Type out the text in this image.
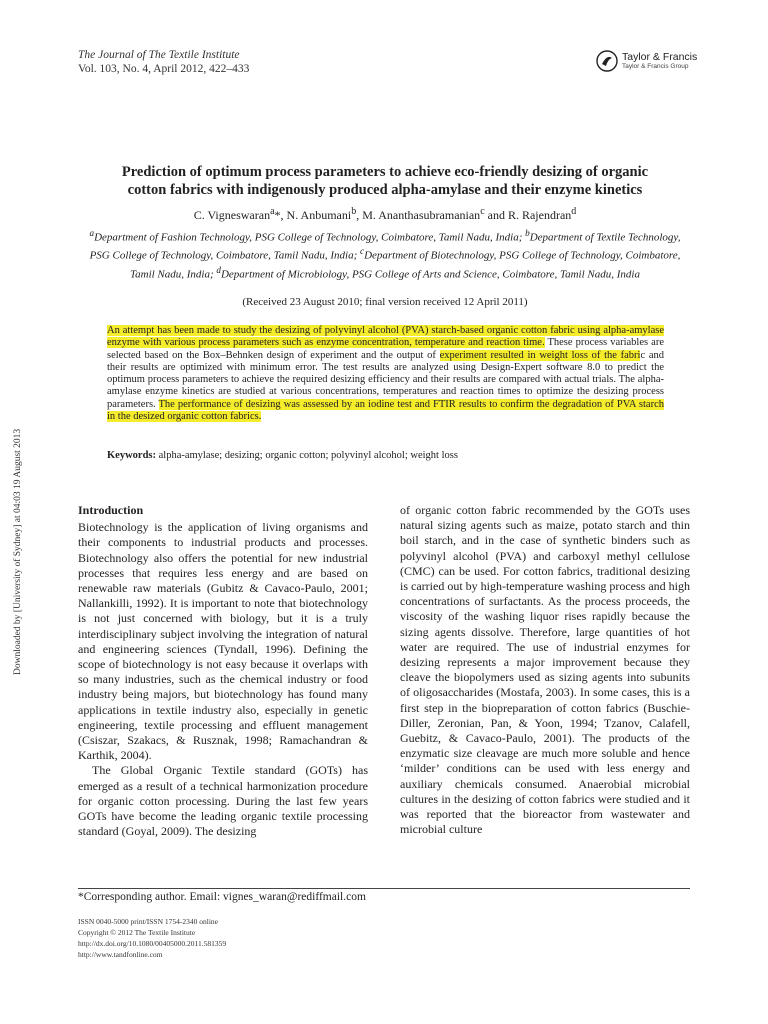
The Journal of The Textile Institute
Vol. 103, No. 4, April 2012, 422–433
Taylor & Francis
Taylor & Francis Group
Downloaded by [University of Sydney] at 04:03 19 August 2013
Prediction of optimum process parameters to achieve eco-friendly desizing of organic
cotton fabrics with indigenously produced alpha-amylase and their enzyme kinetics
C. Vigneswaran$^a$*, N. Anbumani$^b$, M. Ananthasubramanian$^c$ and R. Rajendran$^d$
$^a$Department of Fashion Technology, PSG College of Technology, Coimbatore, Tamil Nadu, India; $^b$Department of Textile Technology, PSG College of Technology, Coimbatore, Tamil Nadu, India; $^c$Department of Biotechnology, PSG College of Technology, Coimbatore, Tamil Nadu, India; $^d$Department of Microbiology, PSG College of Arts and Science, Coimbatore, Tamil Nadu, India
(Received 23 August 2010; final version received 12 April 2011)
An attempt has been made to study the desizing of polyvinyl alcohol (PVA) starch-based organic cotton fabric using alpha-amylase enzyme with various process parameters such as enzyme concentration, temperature and reaction time. These process variables are selected based on the Box–Behnken design of experiment and the output of experiment resulted in weight loss of the fabric and their results are optimized with minimum error. The test results are analyzed using Design-Expert software 8.0 to predict the optimum process parameters to achieve the required desizing efficiency and their results are compared with actual trials. The alpha-amylase enzyme kinetics are studied at various concentrations, temperatures and reaction times to optimize the desizing process parameters. The performance of desizing was assessed by an iodine test and FTIR results to confirm the degradation of PVA starch in the desized organic cotton fabrics.
Keywords: alpha-amylase; desizing; organic cotton; polyvinyl alcohol; weight loss
Introduction

Biotechnology is the application of living organisms and their components to industrial products and processes. Biotechnology also offers the potential for new industrial processes that requires less energy and are based on renewable raw materials (Gubitz & Cavaco-Paulo, 2001; Nallankilli, 1992). It is important to note that biotechnology is not just concerned with biology, but it is a truly interdisciplinary subject involving the integration of natural and engineering sciences (Tyndall, 1996). Defining the scope of biotechnology is not easy because it overlaps with so many industries, such as the chemical industry or food industry being majors, but biotechnology has found many applications in textile industry also, especially in genetic engineering, textile processing and effluent management (Csiszar, Szakacs, & Rusznak, 1998; Ramachandran & Karthik, 2004).

The Global Organic Textile standard (GOTs) has emerged as a result of a technical harmonization procedure for organic cotton processing. During the last few years GOTs have become the leading organic textile processing standard (Goyal, 2009). The desizing

of organic cotton fabric recommended by the GOTs uses natural sizing agents such as maize, potato starch and thin boil starch, and in the case of synthetic binders such as polyvinyl alcohol (PVA) and carboxyl methyl cellulose (CMC) can be used. For cotton fabrics, traditional desizing is carried out by high-temperature washing process and high concentrations of surfactants. As the process proceeds, the viscosity of the washing liquor rises rapidly because the sizing agents dissolve. Therefore, large quantities of hot water are required. The use of industrial enzymes for desizing represents a major improvement because they cleave the biopolymers used as sizing agents into subunits of oligosaccharides (Mostafa, 2003). In some cases, this is a first step in the biopreparation of cotton fabrics (Buschie-Diller, Zeronian, Pan, & Yoon, 1994; Tzanov, Calafell, Guebitz, & Cavaco-Paulo, 2001). The products of the enzymatic size cleavage are much more soluble and hence ‘milder’ conditions can be used with less energy and auxiliary chemicals consumed. Anaerobial microbial cultures in the desizing of cotton fabrics were studied and it was reported that the bioreactor from wastewater and microbial culture

*Corresponding author. Email: vignes_waran@rediffmail.com
ISSN 0040-5000 print/ISSN 1754-2340 online
Copyright © 2012 The Textile Institute
http://dx.doi.org/10.1080/00405000.2011.581359
http://www.tandfonline.com
